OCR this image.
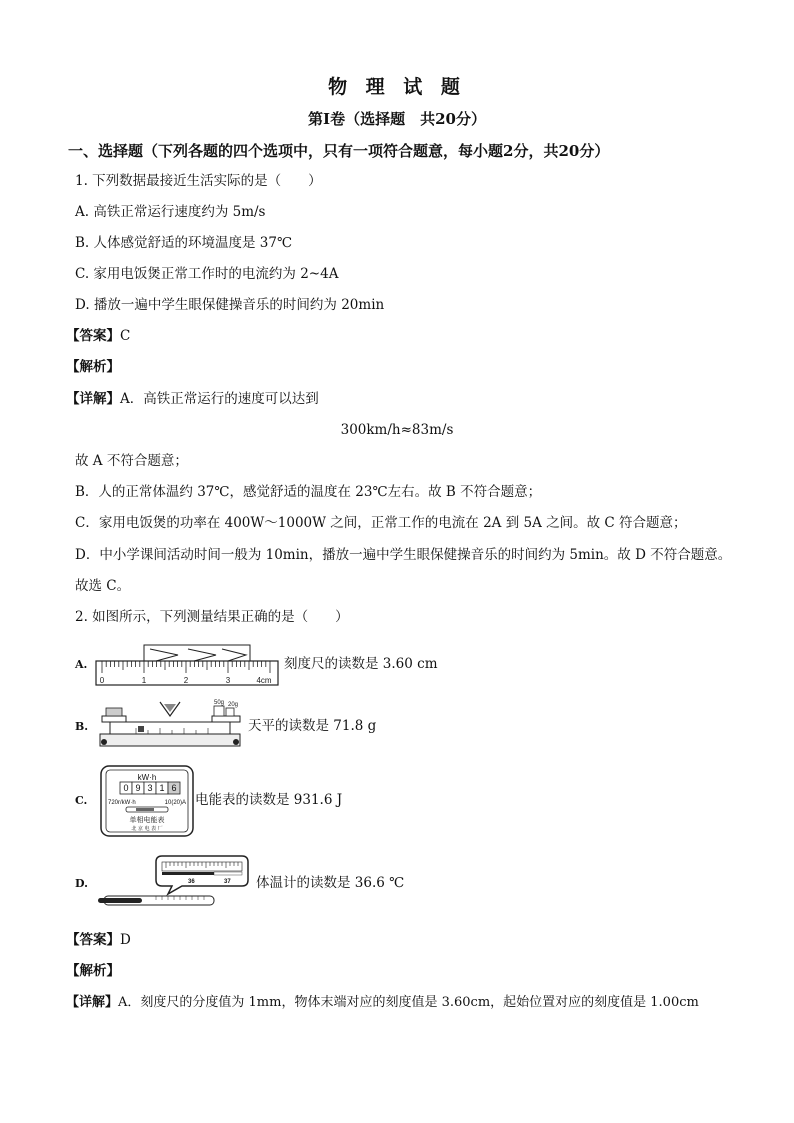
物 理 试 题
第Ⅰ卷（选择题　共20分）
一、选择题（下列各题的四个选项中，只有一项符合题意，每小题2分，共20分）
1. 下列数据最接近生活实际的是（　　）
A. 高铁正常运行速度约为 5m/s
B. 人体感觉舒适的环境温度是 37℃
C. 家用电饭煲正常工作时的电流约为 2~4A
D. 播放一遍中学生眼保健操音乐的时间约为 20min
【答案】C
【解析】
【详解】A．高铁正常运行的速度可以达到
300km/h≈83m/s
故 A 不符合题意；
B．人的正常体温约 37℃，感觉舒适的温度在 23℃左右。故 B 不符合题意；
C．家用电饭煲的功率在 400W～1000W 之间，正常工作的电流在 2A 到 5A 之间。故 C 符合题意；
D．中小学课间活动时间一般为 10min，播放一遍中学生眼保健操音乐的时间约为 5min。故 D 不符合题意。
故选 C。
2. 如图所示，下列测量结果正确的是（　　）
A.
0	1	2	3	4cm
刻度尺的读数是 3.60 cm
B.
50g 20g
天平的读数是 71.8 g
C.
kW·h
0 9 3 1 6
720r/kW·h	10(20)A
单相电能表
北 京 电 表 厂
电能表的读数是 931.6 J
D.	36	37 体温计的读数是 36.6 ℃
【答案】D
【解析】
【详解】A．刻度尺的分度值为 1mm，物体末端对应的刻度值是 3.60cm，起始位置对应的刻度值是 1.00cm
